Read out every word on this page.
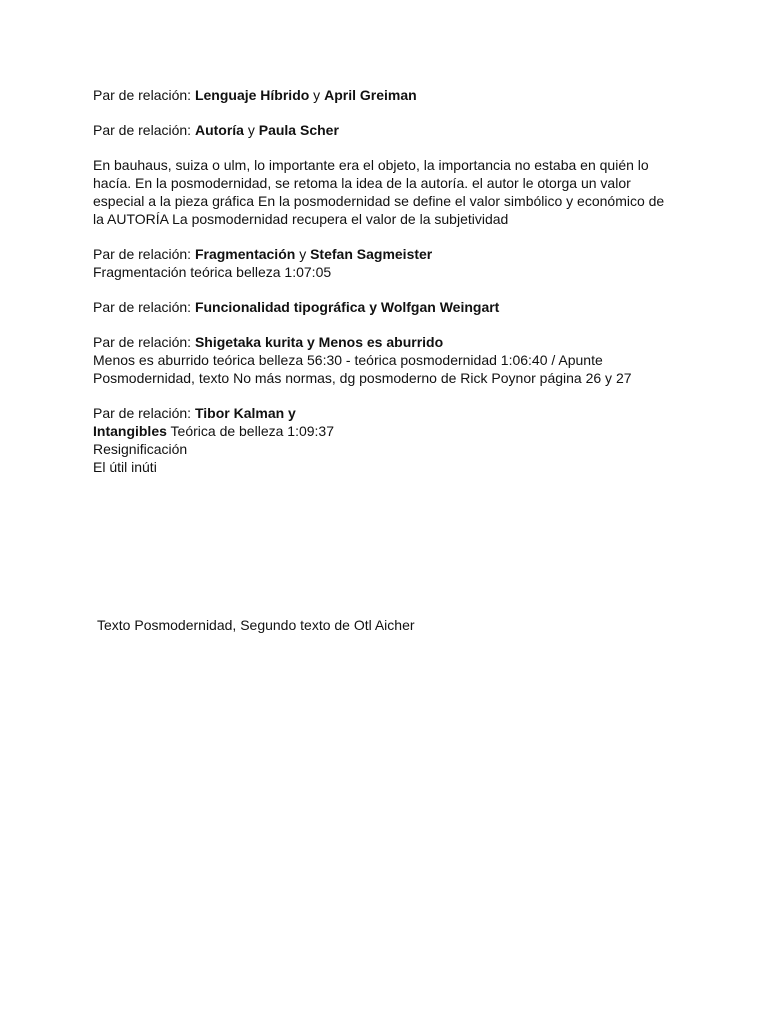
Par de relación: Lenguaje Híbrido y April Greiman
Par de relación: Autoría y Paula Scher
En bauhaus, suiza o ulm, lo importante era el objeto, la importancia no estaba en quién lo
hacía. En la posmodernidad, se retoma la idea de la autoría. el autor le otorga un valor
especial a la pieza gráfica En la posmodernidad se define el valor simbólico y económico de
la AUTORÍA La posmodernidad recupera el valor de la subjetividad
Par de relación: Fragmentación y Stefan Sagmeister
Fragmentación teórica belleza 1:07:05
Par de relación: Funcionalidad tipográfica y Wolfgan Weingart
Par de relación: Shigetaka kurita y Menos es aburrido
Menos es aburrido teórica belleza 56:30 - teórica posmodernidad 1:06:40 / Apunte
Posmodernidad, texto No más normas, dg posmoderno de Rick Poynor página 26 y 27
Par de relación: Tibor Kalman y
Intangibles Teórica de belleza 1:09:37
Resignificación
El útil inúti
Texto Posmodernidad, Segundo texto de Otl Aicher
